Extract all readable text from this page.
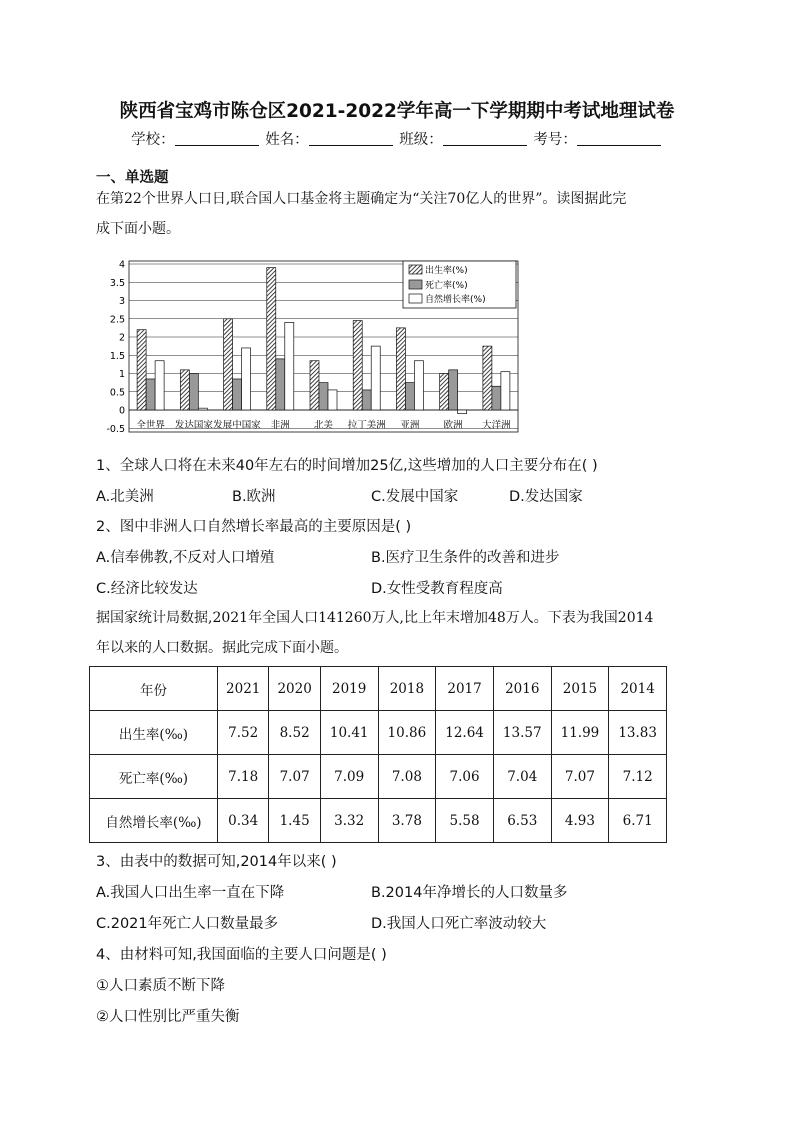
陕西省宝鸡市陈仓区2021-2022学年高一下学期期中考试地理试卷
学校：	姓名：	班级：	考号：
一、单选题
在第22个世界人口日,联合国人口基金将主题确定为“关注70亿人的世界”。读图据此完
成下面小题。
4
3.5
3
2.5
2
1.5
1
0.5
0
-0.5 全世界 发达国家 发展中国家 非洲	北美 拉丁美洲 亚洲	欧洲 大洋洲
出生率(%)
死亡率(%)
自然增长率(%)
1、全球人口将在未来40年左右的时间增加25亿,这些增加的人口主要分布在( )
A.北美洲	B.欧洲	C.发展中国家	D.发达国家
2、图中非洲人口自然增长率最高的主要原因是( )
A.信奉佛教,不反对人口增殖	B.医疗卫生条件的改善和进步
C.经济比较发达	D.女性受教育程度高
据国家统计局数据,2021年全国人口141260万人,比上年末增加48万人。下表为我国2014
年以来的人口数据。据此完成下面小题。
年份	2021	2020	2019	2018	2017	2016	2015	2014
出生率(‰)	7.52	8.52	10.41	10.86	12.64	13.57	11.99	13.83
死亡率(‰)	7.18	7.07	7.09	7.08	7.06	7.04	7.07	7.12
自然增长率(‰)	0.34	1.45	3.32	3.78	5.58	6.53	4.93	6.71
3、由表中的数据可知,2014年以来( )
A.我国人口出生率一直在下降	B.2014年净增长的人口数量多
C.2021年死亡人口数量最多	D.我国人口死亡率波动较大
4、由材料可知,我国面临的主要人口问题是( )
①人口素质不断下降
②人口性别比严重失衡
